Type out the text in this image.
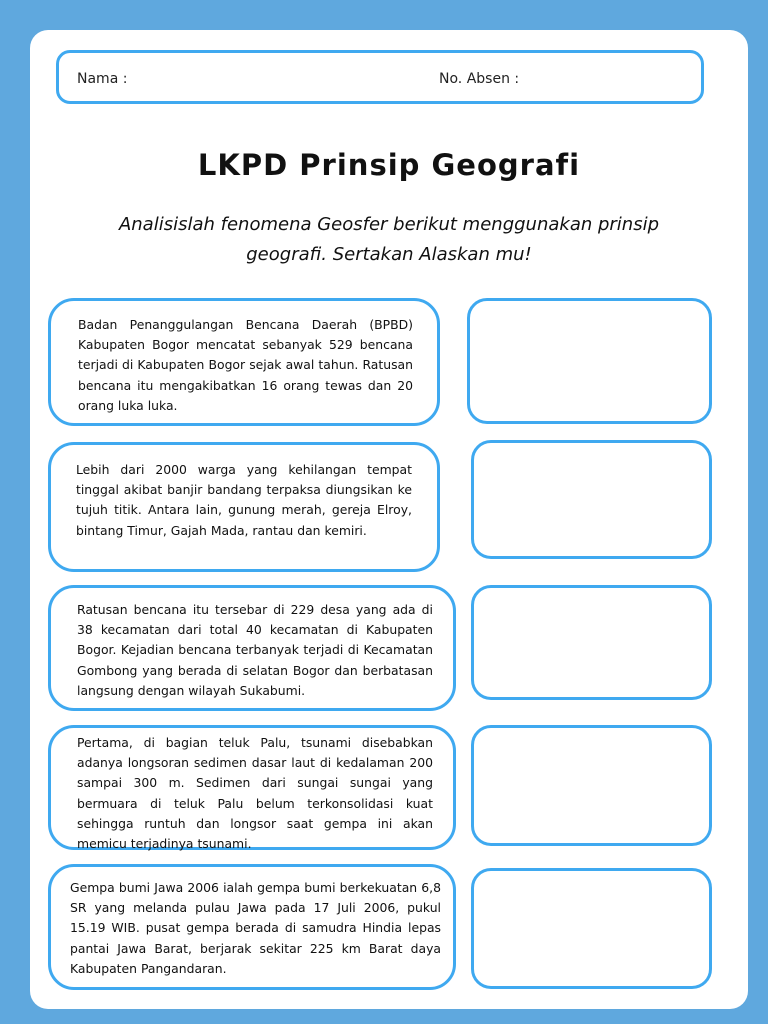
Nama :	No. Absen :
LKPD Prinsip Geografi
Analisislah fenomena Geosfer berikut menggunakan prinsip geografi. Sertakan Alaskan mu!
Badan Penanggulangan Bencana Daerah (BPBD) Kabupaten Bogor mencatat sebanyak 529 bencana terjadi di Kabupaten Bogor sejak awal tahun. Ratusan bencana itu mengakibatkan 16 orang tewas dan 20 orang luka luka.
Lebih dari 2000 warga yang kehilangan tempat tinggal akibat banjir bandang terpaksa diungsikan ke tujuh titik. Antara lain, gunung merah, gereja Elroy, bintang Timur, Gajah Mada, rantau dan kemiri.
Ratusan bencana itu tersebar di 229 desa yang ada di 38 kecamatan dari total 40 kecamatan di Kabupaten Bogor. Kejadian bencana terbanyak terjadi di Kecamatan Gombong yang berada di selatan Bogor dan berbatasan langsung dengan wilayah Sukabumi.
Pertama, di bagian teluk Palu, tsunami disebabkan adanya longsoran sedimen dasar laut di kedalaman 200 sampai 300 m. Sedimen dari sungai sungai yang bermuara di teluk Palu belum terkonsolidasi kuat sehingga runtuh dan longsor saat gempa ini akan memicu terjadinya tsunami.
Gempa bumi Jawa 2006 ialah gempa bumi berkekuatan 6,8 SR yang melanda pulau Jawa pada 17 Juli 2006, pukul 15.19 WIB. pusat gempa berada di samudra Hindia lepas pantai Jawa Barat, berjarak sekitar 225 km Barat daya Kabupaten Pangandaran.
